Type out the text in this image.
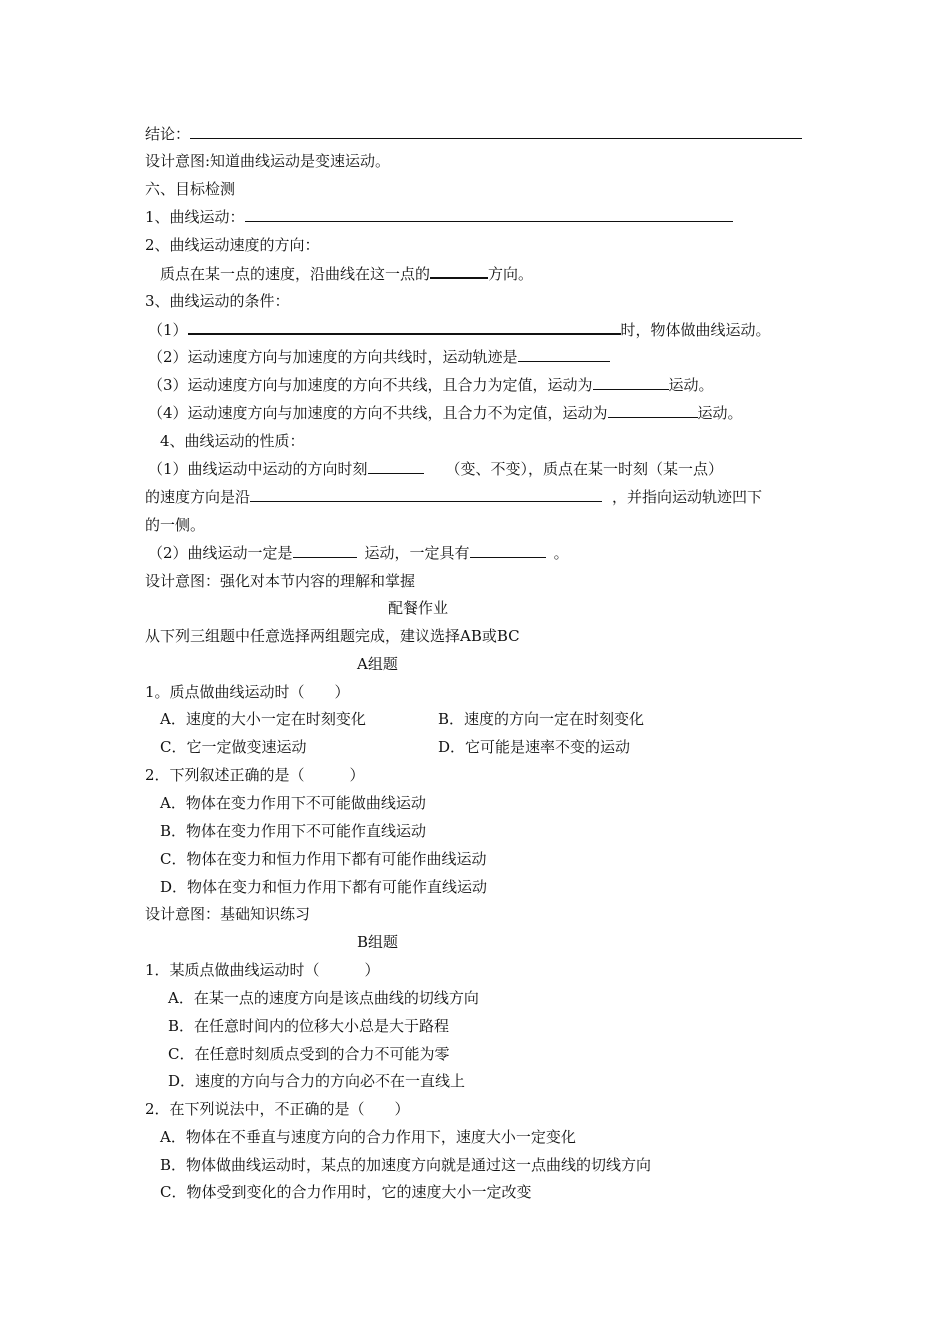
结论：
设计意图:知道曲线运动是变速运动。
六、目标检测
1、曲线运动：
2、曲线运动速度的方向：
质点在某一点的速度，沿曲线在这一点的	方向。
3、曲线运动的条件：
（1）	时，物体做曲线运动。
（2）运动速度方向与加速度的方向共线时，运动轨迹是
（3）运动速度方向与加速度的方向不共线，且合力为定值，运动为	运动。
（4）运动速度方向与加速度的方向不共线，且合力不为定值，运动为	运动。
4、曲线运动的性质：
（1）曲线运动中运动的方向时刻	（变、不变），质点在某一时刻（某一点）
的速度方向是沿	，并指向运动轨迹凹下
的一侧。
（2）曲线运动一定是	运动，一定具有	。
设计意图：强化对本节内容的理解和掌握
配餐作业
从下列三组题中任意选择两组题完成，建议选择AB或BC
A组题
1。质点做曲线运动时（　　）
A．速度的大小一定在时刻变化	B．速度的方向一定在时刻变化
C．它一定做变速运动	D．它可能是速率不变的运动
2．下列叙述正确的是（　　　）
A．物体在变力作用下不可能做曲线运动
B．物体在变力作用下不可能作直线运动
C．物体在变力和恒力作用下都有可能作曲线运动
D．物体在变力和恒力作用下都有可能作直线运动
设计意图：基础知识练习
B组题
1．某质点做曲线运动时（　　　）
A．在某一点的速度方向是该点曲线的切线方向
B．在任意时间内的位移大小总是大于路程
C．在任意时刻质点受到的合力不可能为零
D．速度的方向与合力的方向必不在一直线上
2．在下列说法中，不正确的是（　　）
A．物体在不垂直与速度方向的合力作用下，速度大小一定变化
B．物体做曲线运动时，某点的加速度方向就是通过这一点曲线的切线方向
C．物体受到变化的合力作用时，它的速度大小一定改变
